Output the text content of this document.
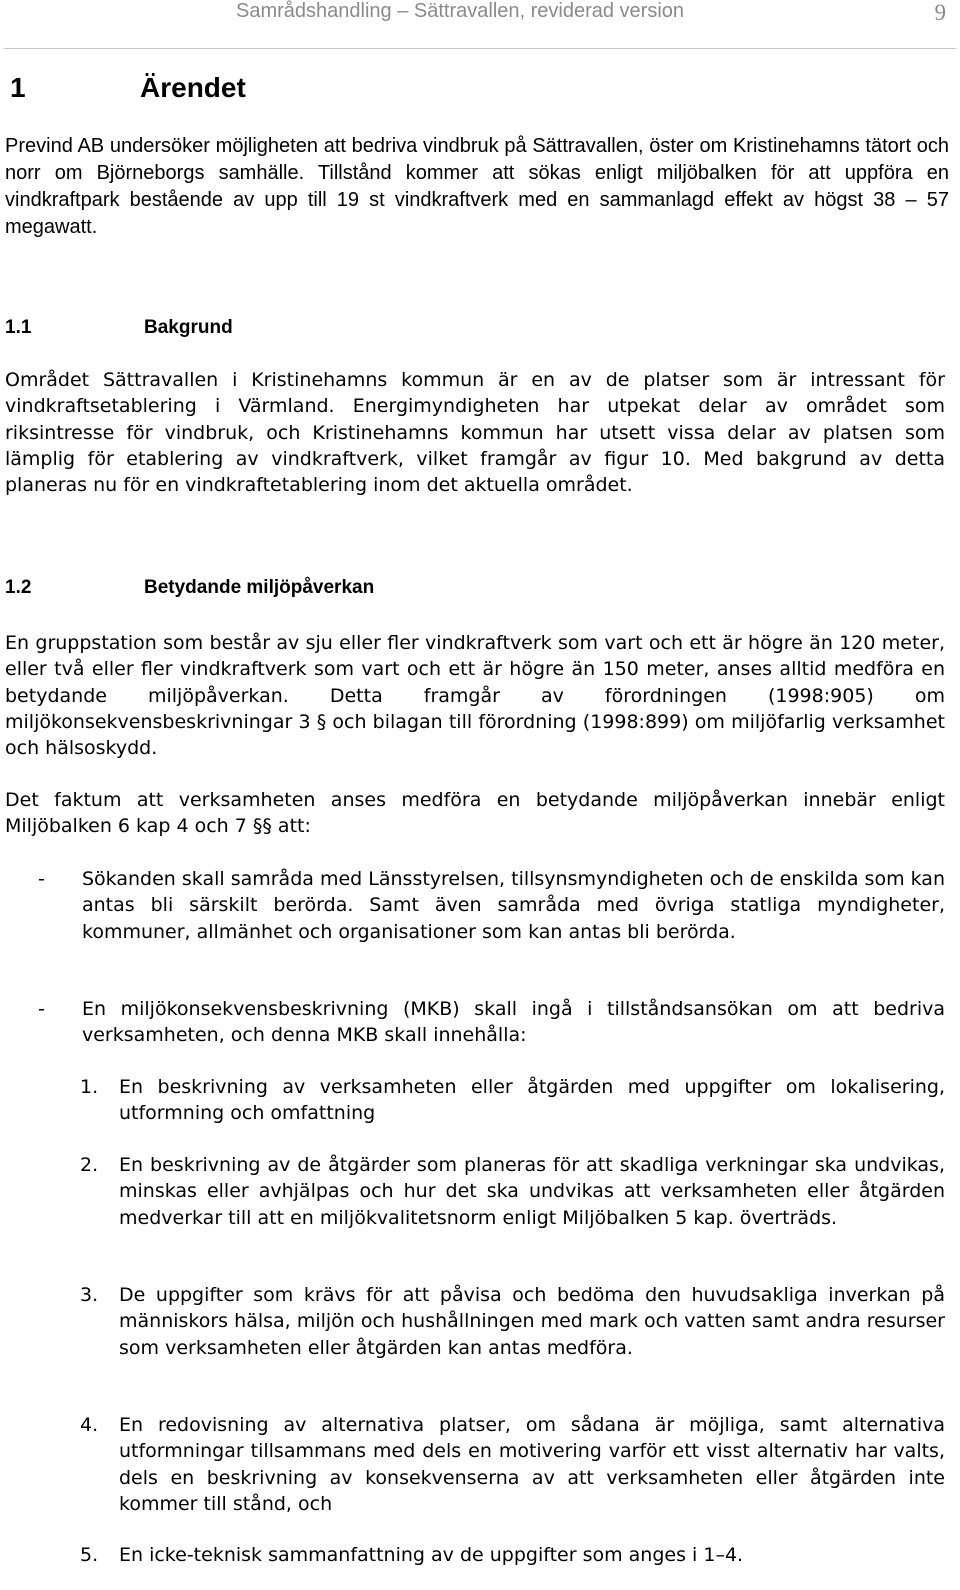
Samrådshandling – Sättravallen, reviderad version	9
1	Ärendet
Prevind AB undersöker möjligheten att bedriva vindbruk på Sättravallen, öster om Kristinehamns tätort och norr om Björneborgs samhälle. Tillstånd kommer att sökas enligt miljöbalken för att uppföra en vindkraftpark bestående av upp till 19 st vindkraftverk med en sammanlagd effekt av högst 38 – 57 megawatt.
1.1	Bakgrund
Området Sättravallen i Kristinehamns kommun är en av de platser som är intressant för vindkraftsetablering i Värmland. Energimyndigheten har utpekat delar av området som riksintresse för vindbruk, och Kristinehamns kommun har utsett vissa delar av platsen som lämplig för etablering av vindkraftverk, vilket framgår av figur 10. Med bakgrund av detta planeras nu för en vindkraftetablering inom det aktuella området.
1.2	Betydande miljöpåverkan
En gruppstation som består av sju eller fler vindkraftverk som vart och ett är högre än 120 meter, eller två eller fler vindkraftverk som vart och ett är högre än 150 meter, anses alltid medföra en betydande miljöpåverkan. Detta framgår av förordningen (1998:905) om miljökonsekvensbeskrivningar 3 § och bilagan till förordning (1998:899) om miljöfarlig verksamhet och hälsoskydd.
Det faktum att verksamheten anses medföra en betydande miljöpåverkan innebär enligt Miljöbalken 6 kap 4 och 7 §§ att:
- Sökanden skall samråda med Länsstyrelsen, tillsynsmyndigheten och de enskilda som kan antas bli särskilt berörda. Samt även samråda med övriga statliga myndigheter, kommuner, allmänhet och organisationer som kan antas bli berörda.
- En miljökonsekvensbeskrivning (MKB) skall ingå i tillståndsansökan om att bedriva verksamheten, och denna MKB skall innehålla:
1. En beskrivning av verksamheten eller åtgärden med uppgifter om lokalisering, utformning och omfattning
2. En beskrivning av de åtgärder som planeras för att skadliga verkningar ska undvikas, minskas eller avhjälpas och hur det ska undvikas att verksamheten eller åtgärden medverkar till att en miljökvalitetsnorm enligt Miljöbalken 5 kap. överträds.
3. De uppgifter som krävs för att påvisa och bedöma den huvudsakliga inverkan på människors hälsa, miljön och hushållningen med mark och vatten samt andra resurser som verksamheten eller åtgärden kan antas medföra.
4. En redovisning av alternativa platser, om sådana är möjliga, samt alternativa utformningar tillsammans med dels en motivering varför ett visst alternativ har valts, dels en beskrivning av konsekvenserna av att verksamheten eller åtgärden inte kommer till stånd, och
5. En icke-teknisk sammanfattning av de uppgifter som anges i 1–4.
